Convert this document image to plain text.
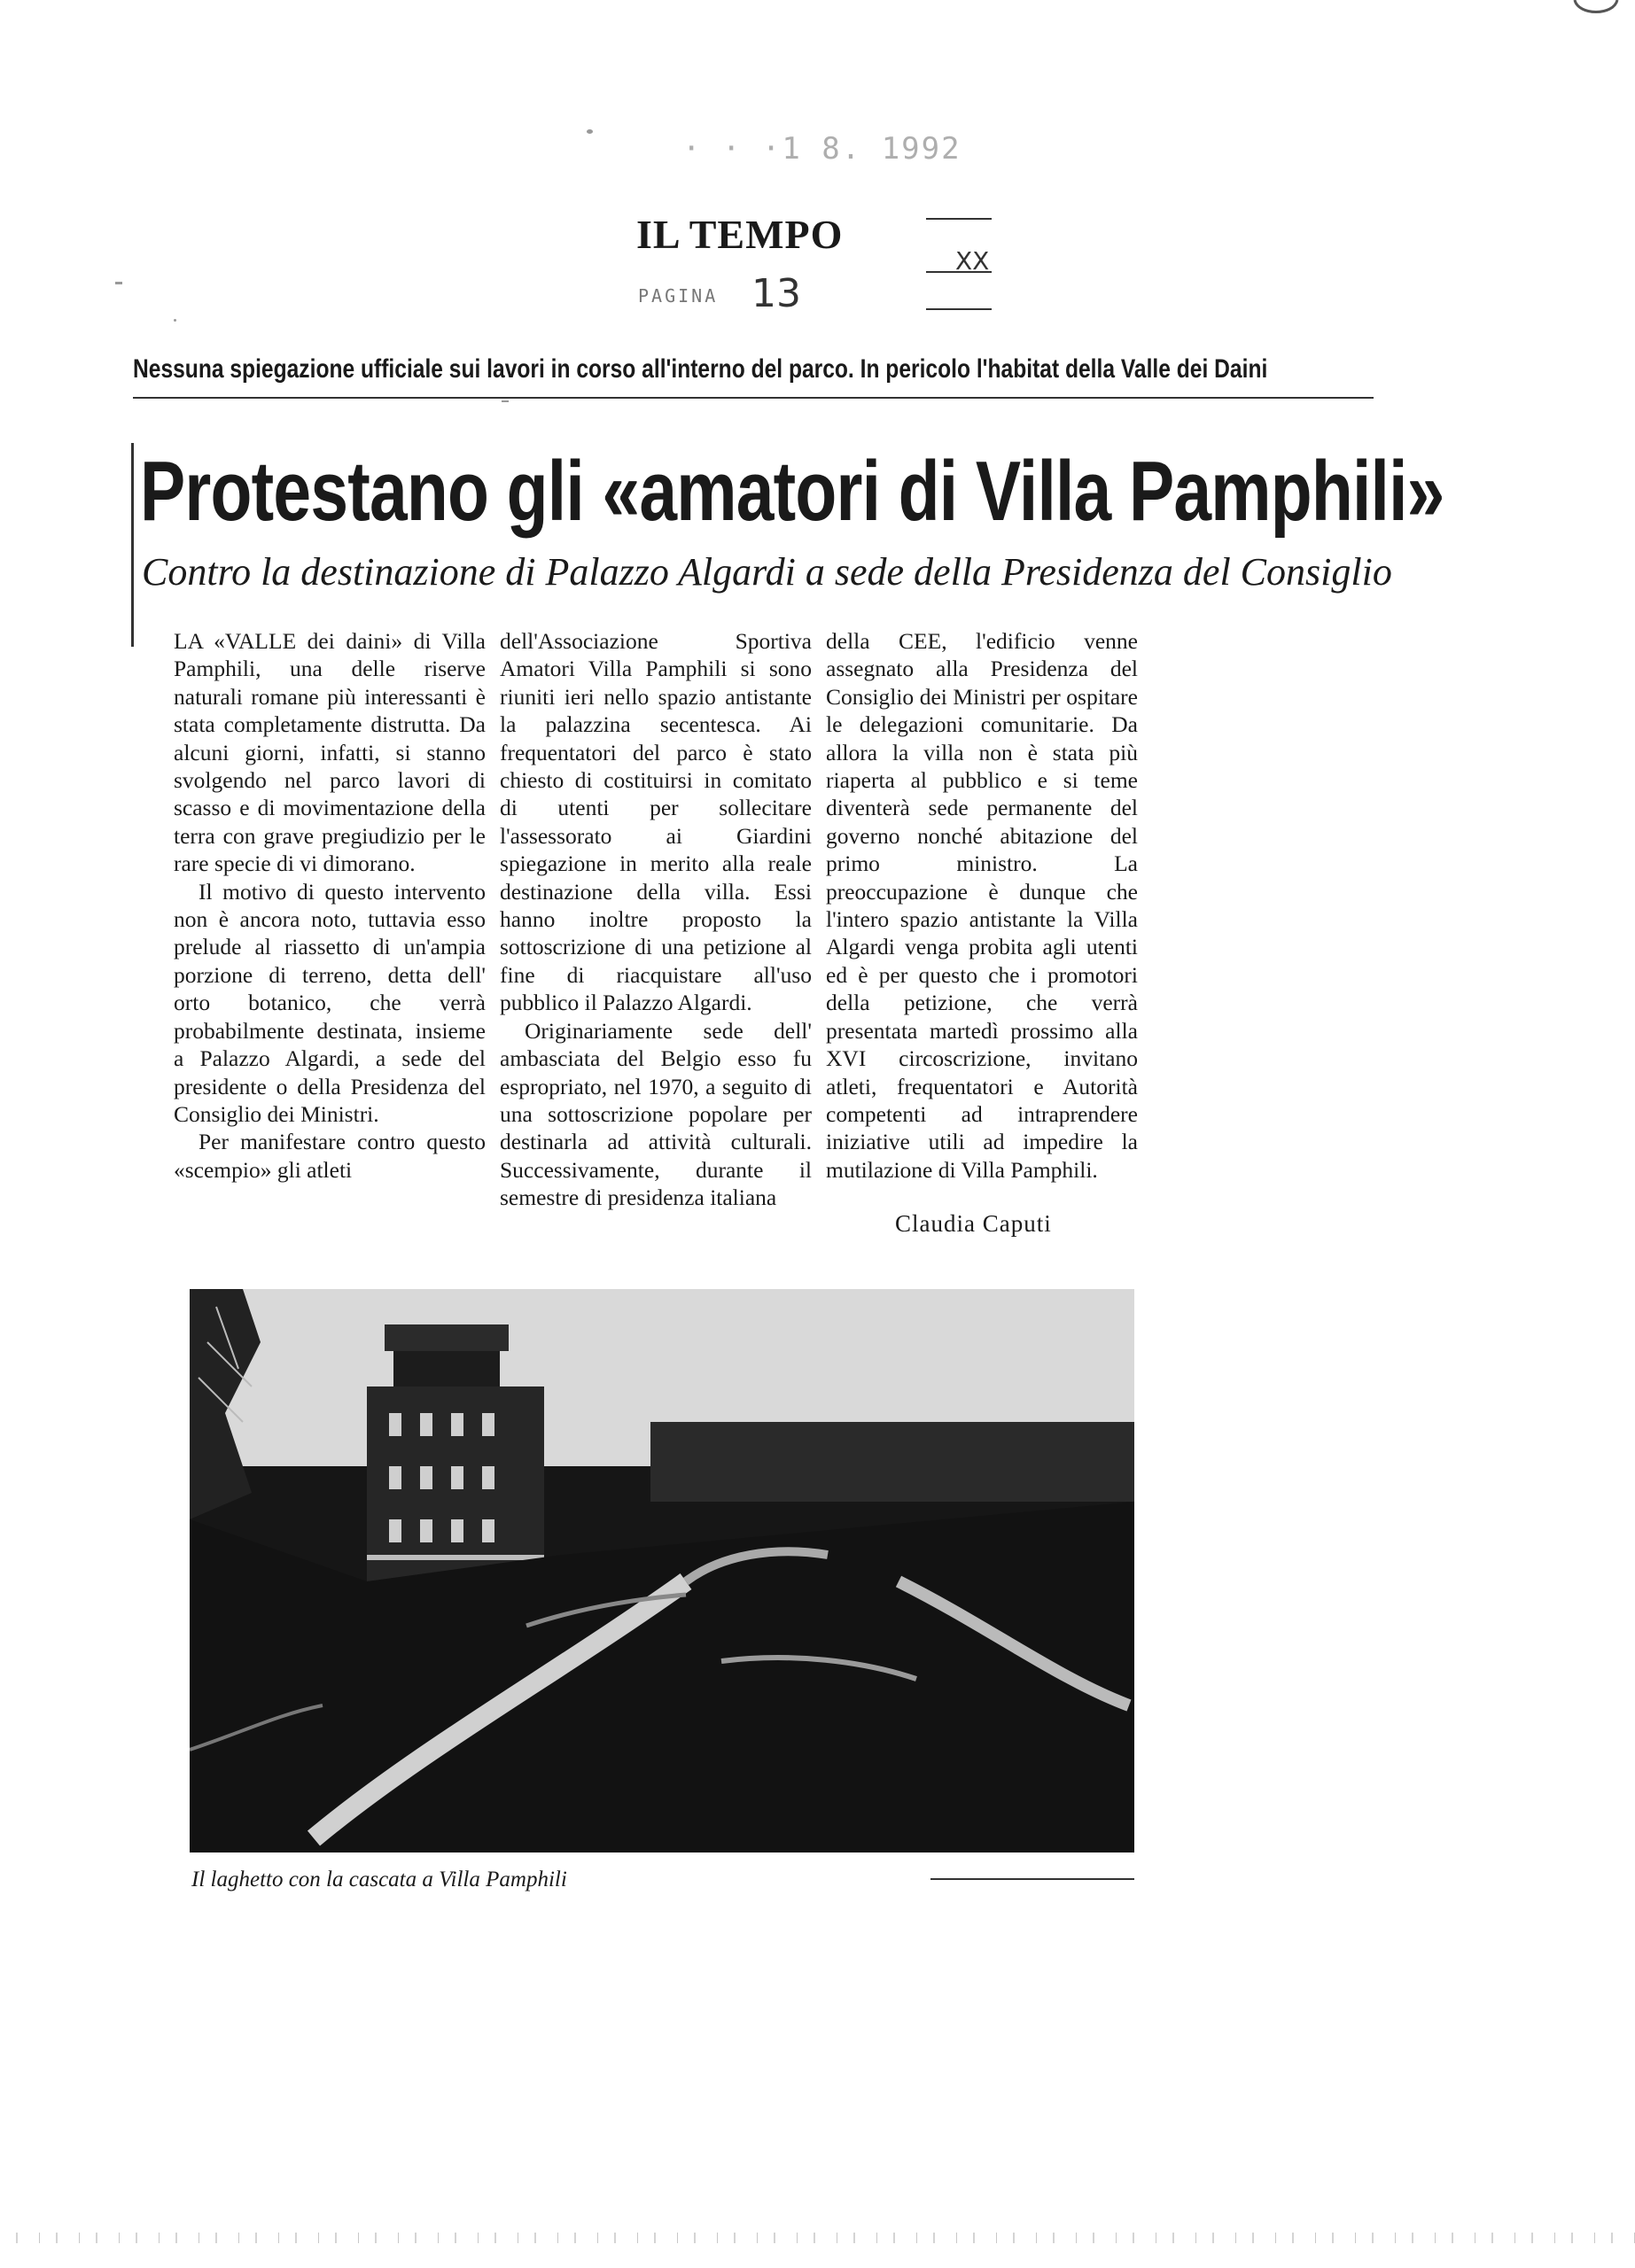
· · ·1 8. 1992
IL TEMPO
PAGINA 13
XX
Nessuna spiegazione ufficiale sui lavori in corso all'interno del parco. In pericolo l'habitat della Valle dei Daini
Protestano gli «amatori di Villa Pamphili»
Contro la destinazione di Palazzo Algardi a sede della Presidenza del Consiglio

LA «VALLE dei daini» di Villa Pamphili, una delle riserve naturali romane più interessanti è stata completamente distrutta. Da alcuni giorni, infatti, si stanno svolgendo nel parco lavori di scasso e di movimentazione della terra con grave pregiudizio per le rare specie di vi dimorano.

Il motivo di questo intervento non è ancora noto, tuttavia esso prelude al riassetto di un'ampia porzione di terreno, detta dell' orto botanico, che verrà probabilmente destinata, insieme a Palazzo Algardi, a sede del presidente o della Presidenza del Consiglio dei Ministri.

Per manifestare contro questo «scempio» gli atleti

dell'Associazione Sportiva Amatori Villa Pamphili si sono riuniti ieri nello spazio antistante la palazzina secentesca. Ai frequentatori del parco è stato chiesto di costituirsi in comitato di utenti per sollecitare l'assessorato ai Giardini spiegazione in merito alla reale destinazione della villa. Essi hanno inoltre proposto la sottoscrizione di una petizione al fine di riacquistare all'uso pubblico il Palazzo Algardi.

Originariamente sede dell' ambasciata del Belgio esso fu espropriato, nel 1970, a seguito di una sottoscrizione popolare per destinarla ad attività culturali. Successivamente, durante il semestre di presidenza italiana

della CEE, l'edificio venne assegnato alla Presidenza del Consiglio dei Ministri per ospitare le delegazioni comunitarie. Da allora la villa non è stata più riaperta al pubblico e si teme diventerà sede permanente del governo nonché abitazione del primo ministro. La preoccupazione è dunque che l'intero spazio antistante la Villa Algardi venga probita agli utenti ed è per questo che i promotori della petizione, che verrà presentata martedì prossimo alla XVI circoscrizione, invitano atleti, frequentatori e Autorità competenti ad intraprendere iniziative utili ad impedire la mutilazione di Villa Pamphili.

Claudia Caputi
Il laghetto con la cascata a Villa Pamphili
